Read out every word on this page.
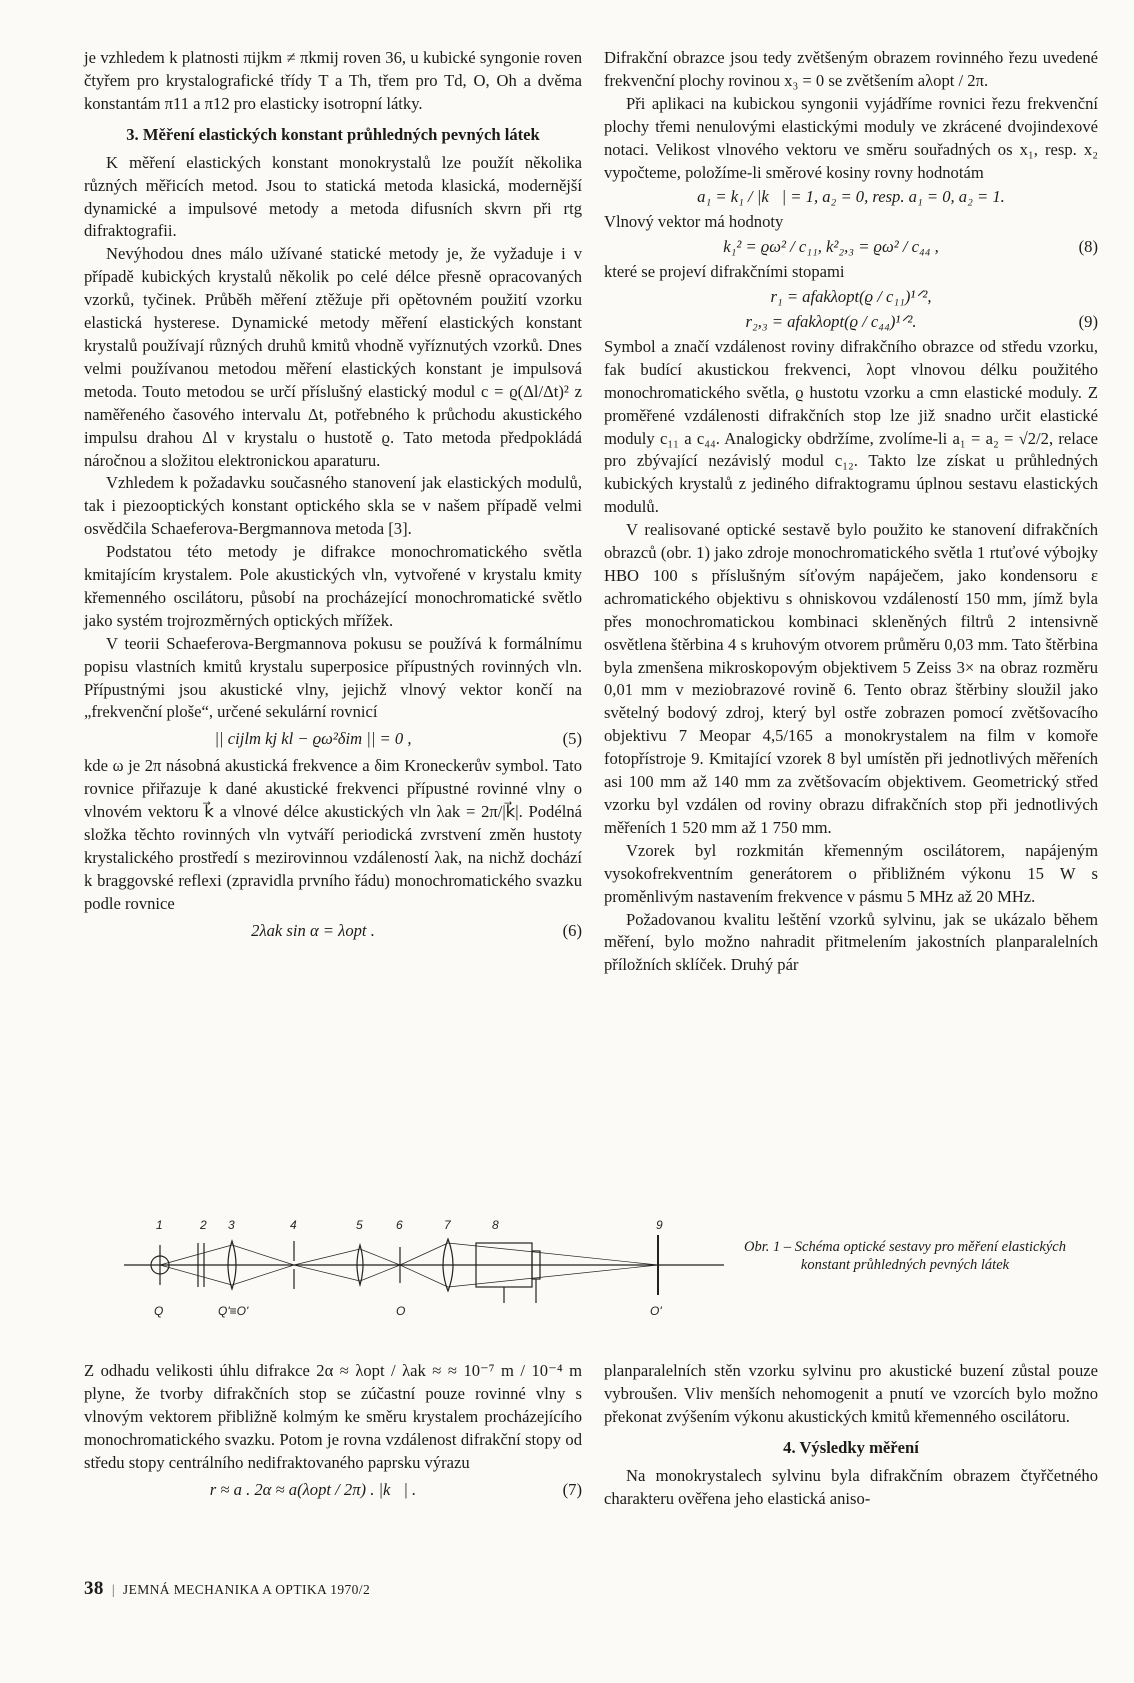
je vzhledem k platnosti πijkm ≠ πkmij roven 36, u kubické syngonie roven čtyřem pro krystalografické třídy T a Th, třem pro Td, O, Oh a dvěma konstantám π11 a π12 pro elasticky isotropní látky.

3. Měření elastických konstant průhledných pevných látek

K měření elastických konstant monokrystalů lze použít několika různých měřicích metod. Jsou to statická metoda klasická, modernější dynamické a impulsové metody a metoda difusních skvrn při rtg difraktografii.

Nevýhodou dnes málo užívané statické metody je, že vyžaduje i v případě kubických krystalů několik po celé délce přesně opracovaných vzorků, tyčinek. Průběh měření ztěžuje při opětovném použití vzorku elastická hysterese. Dynamické metody měření elastických konstant krystalů používají různých druhů kmitů vhodně vyříznutých vzorků. Dnes velmi používanou metodou měření elastických konstant je impulsová metoda. Touto metodou se určí příslušný elastický modul c = ϱ(Δl/Δt)² z naměřeného časového intervalu Δt, potřebného k průchodu akustického impulsu drahou Δl v krystalu o hustotě ϱ. Tato metoda předpokládá náročnou a složitou elektronickou aparaturu.

Vzhledem k požadavku současného stanovení jak elastických modulů, tak i piezooptických konstant optického skla se v našem případě velmi osvědčila Schaeferova-Bergmannova metoda [3].

Podstatou této metody je difrakce monochromatického světla kmitajícím krystalem. Pole akustických vln, vytvořené v krystalu kmity křemenného oscilátoru, působí na procházející monochromatické světlo jako systém trojrozměrných optických mřížek.

V teorii Schaeferova-Bergmannova pokusu se používá k formálnímu popisu vlastních kmitů krystalu superposice přípustných rovinných vln. Přípustnými jsou akustické vlny, jejichž vlnový vektor končí na „frekvenční ploše“, určené sekulární rovnicí

|| cijlm kj kl − ϱω²δim || = 0 ,	(5)

kde ω je 2π násobná akustická frekvence a δim Kroneckerův symbol. Tato rovnice přiřazuje k dané akustické frekvenci přípustné rovinné vlny o vlnovém vektoru k⃗ a vlnové délce akustických vln λak = 2π/|k⃗|. Podélná složka těchto rovinných vln vytváří periodická zvrstvení změn hustoty krystalického prostředí s mezirovinnou vzdáleností λak, na nichž dochází k braggovské reflexi (zpravidla prvního řádu) monochromatického svazku podle rovnice

2λak sin α = λopt .	(6)

Difrakční obrazce jsou tedy zvětšeným obrazem rovinného řezu uvedené frekvenční plochy rovinou x₃ = 0 se zvětšením aλopt / 2π.

Při aplikaci na kubickou syngonii vyjádříme rovnici řezu frekvenční plochy třemi nenulovými elastickými moduly ve zkrácené dvojindexové notaci. Velikost vlnového vektoru ve směru souřadných os x₁, resp. x₂ vypočteme, položíme-li směrové kosiny rovny hodnotám

a₁ = k₁ / |k⃗| = 1, a₂ = 0, resp. a₁ = 0, a₂ = 1.

Vlnový vektor má hodnoty

k₁² = ϱω² / c₁₁, k²₂,₃ = ϱω² / c₄₄ ,	(8)

které se projeví difrakčními stopami

r₁ = afakλopt(ϱ / c₁₁)¹ᐟ²,
r₂,₃ = afakλopt(ϱ / c₄₄)¹ᐟ².	(9)

Symbol a značí vzdálenost roviny difrakčního obrazce od středu vzorku, fak budící akustickou frekvenci, λopt vlnovou délku použitého monochromatického světla, ϱ hustotu vzorku a cmn elastické moduly. Z proměřené vzdálenosti difrakčních stop lze již snadno určit elastické moduly c₁₁ a c₄₄. Analogicky obdržíme, zvolíme-li a₁ = a₂ = √2/2, relace pro zbývající nezávislý modul c₁₂. Takto lze získat u průhledných kubických krystalů z jediného difraktogramu úplnou sestavu elastických modulů.

V realisované optické sestavě bylo použito ke stanovení difrakčních obrazců (obr. 1) jako zdroje monochromatického světla 1 rtuťové výbojky HBO 100 s příslušným síťovým napáječem, jako kondensoru ε achromatického objektivu s ohniskovou vzdáleností 150 mm, jímž byla přes monochromatickou kombinaci skleněných filtrů 2 intensivně osvětlena štěrbina 4 s kruhovým otvorem průměru 0,03 mm. Tato štěrbina byla zmenšena mikroskopovým objektivem 5 Zeiss 3× na obraz rozměru 0,01 mm v meziobrazové rovině 6. Tento obraz štěrbiny sloužil jako světelný bodový zdroj, který byl ostře zobrazen pomocí zvětšovacího objektivu 7 Meopar 4,5/165 a monokrystalem na film v komoře fotopřístroje 9. Kmitající vzorek 8 byl umístěn při jednotlivých měřeních asi 100 mm až 140 mm za zvětšovacím objektivem. Geometrický střed vzorku byl vzdálen od roviny obrazu difrakčních stop při jednotlivých měřeních 1 520 mm až 1 750 mm.

Vzorek byl rozkmitán křemenným oscilátorem, napájeným vysokofrekventním generátorem o přibližném výkonu 15 W s proměnlivým nastavením frekvence v pásmu 5 MHz až 20 MHz.

Požadovanou kvalitu leštění vzorků sylvinu, jak se ukázalo během měření, bylo možno nahradit přitmelením jakostních planparalelních příložních sklíček. Druhý pár

1	2 3	4	5	6	7	8	9
Q	Q'≡O'	O	O'
Obr. 1 – Schéma optické sestavy pro měření elastických konstant průhledných pevných látek

Z odhadu velikosti úhlu difrakce 2α ≈ λopt / λak ≈ ≈ 10⁻⁷ m / 10⁻⁴ m plyne, že tvorby difrakčních stop se zúčastní pouze rovinné vlny s vlnovým vektorem přibližně kolmým ke směru krystalem procházejícího monochromatického svazku. Potom je rovna vzdálenost difrakční stopy od středu stopy centrálního nedifraktovaného paprsku výrazu

r ≈ a . 2α ≈ a(λopt / 2π) . |k⃗| .	(7)

planparalelních stěn vzorku sylvinu pro akustické buzení zůstal pouze vybroušen. Vliv menších nehomogenit a pnutí ve vzorcích bylo možno překonat zvýšením výkonu akustických kmitů křemenného oscilátoru.

4. Výsledky měření

Na monokrystalech sylvinu byla difrakčním obrazem čtyřčetného charakteru ověřena jeho elastická aniso-

38 | JEMNÁ MECHANIKA A OPTIKA 1970/2
